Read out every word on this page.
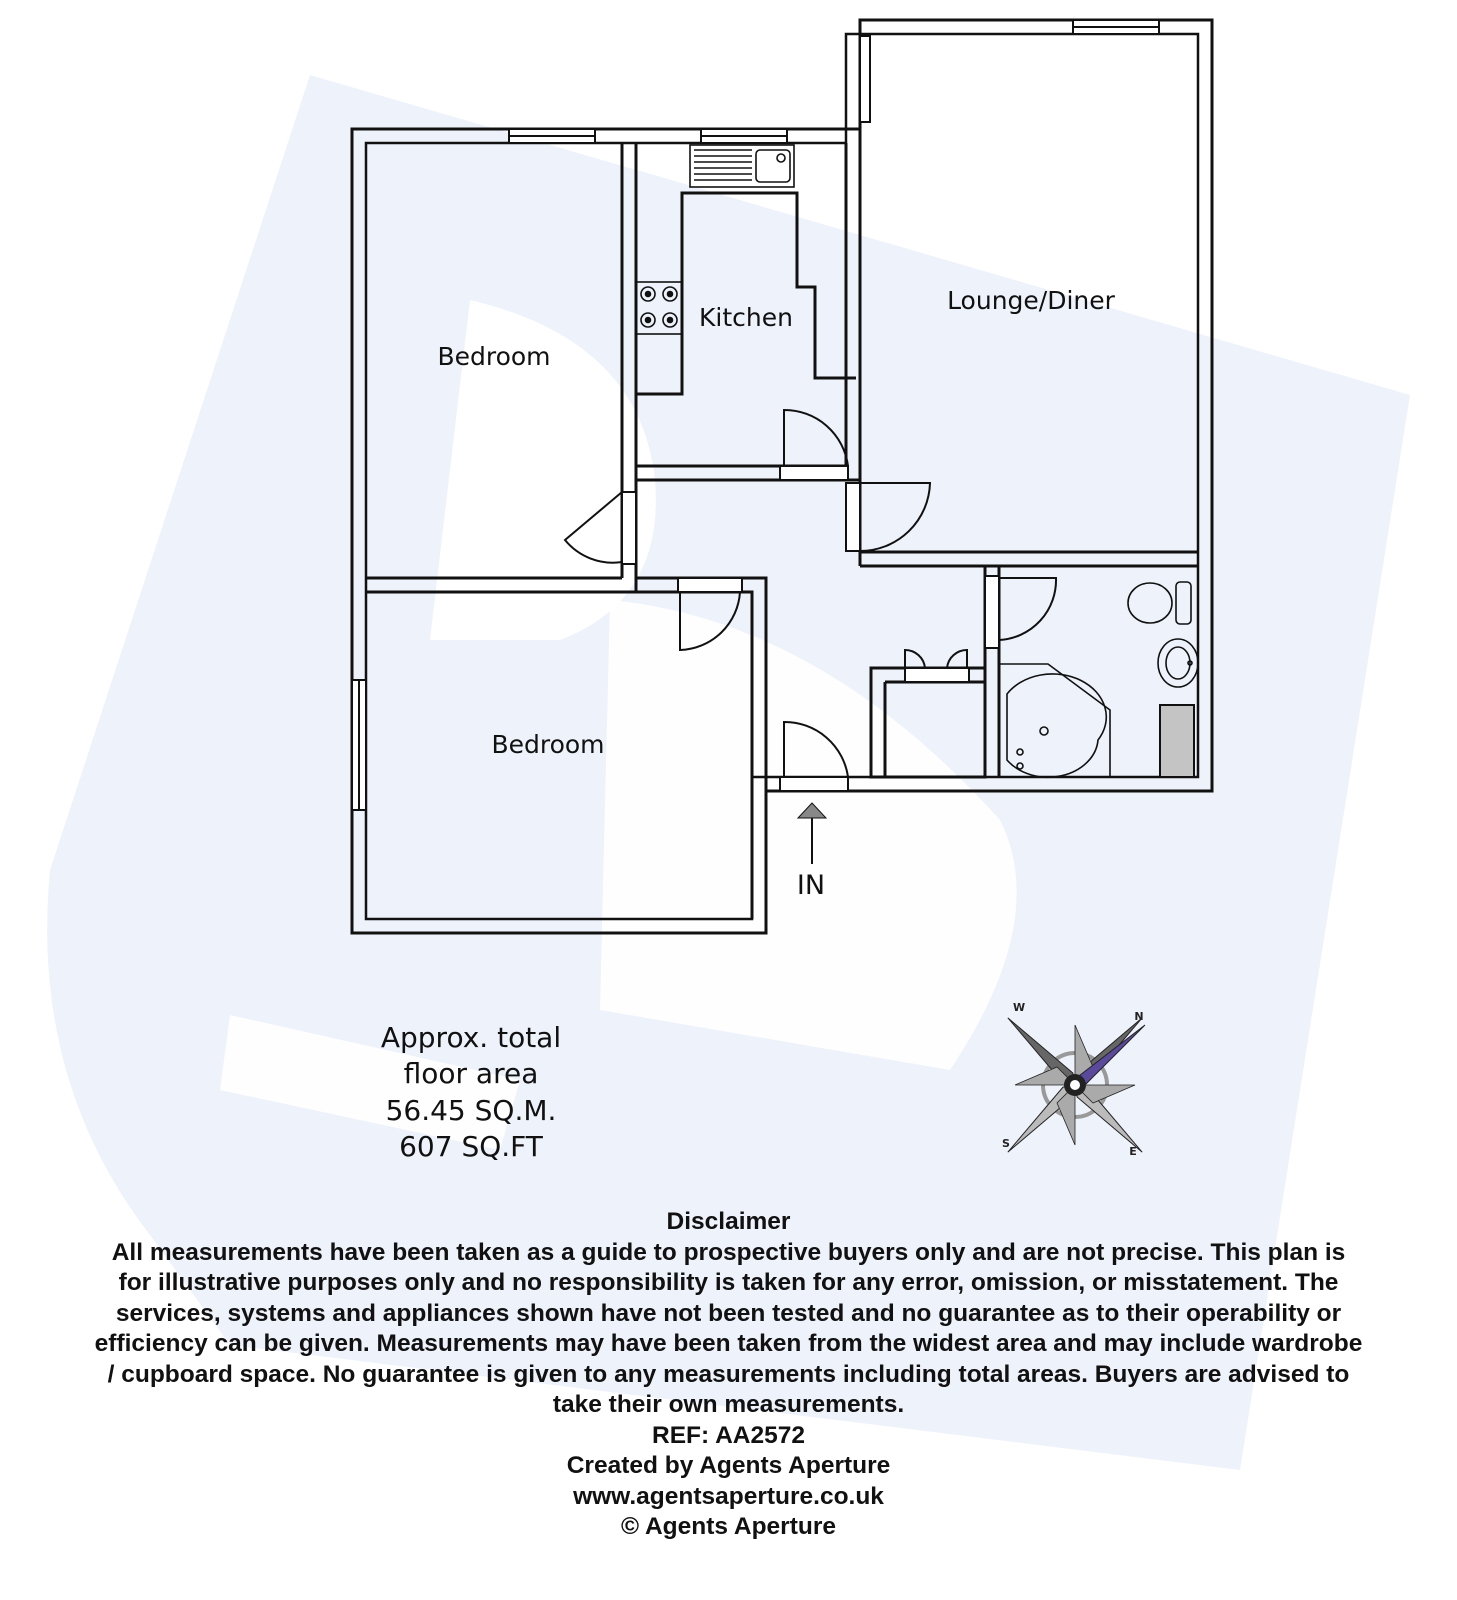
Bedroom
Kitchen
Lounge/Diner
Bedroom
IN
Approx. total
floor area
56.45 SQ.M.
607 SQ.FT
N
E
S
W
Disclaimer
All measurements have been taken as a guide to prospective buyers only and are not precise. This plan is
for illustrative purposes only and no responsibility is taken for any error, omission, or misstatement. The
services, systems and appliances shown have not been tested and no guarantee as to their operability or
efficiency can be given. Measurements may have been taken from the widest area and may include wardrobe
/ cupboard space. No guarantee is given to any measurements including total areas. Buyers are advised to
take their own measurements.
REF: AA2572
Created by Agents Aperture
www.agentsaperture.co.uk
© Agents Aperture
